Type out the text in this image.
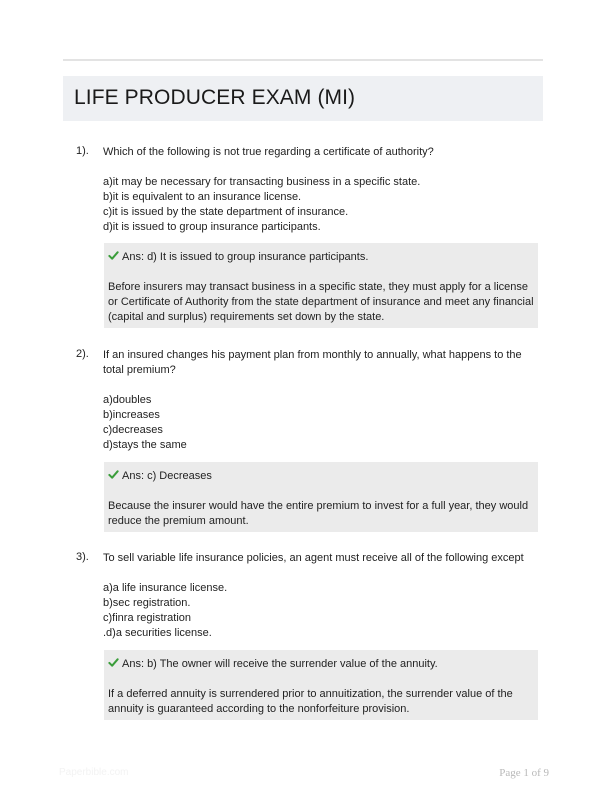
LIFE PRODUCER EXAM (MI)
1). Which of the following is not true regarding a certificate of authority?
a)it may be necessary for transacting business in a specific state.
b)it is equivalent to an insurance license.
c)it is issued by the state department of insurance.
d)it is issued to group insurance participants.
Ans: d) It is issued to group insurance participants.
Before insurers may transact business in a specific state, they must apply for a license or Certificate of Authority from the state department of insurance and meet any financial (capital and surplus) requirements set down by the state.
2). If an insured changes his payment plan from monthly to annually, what happens to the total premium?
a)doubles
b)increases
c)decreases
d)stays the same
Ans: c) Decreases
Because the insurer would have the entire premium to invest for a full year, they would reduce the premium amount.
3). To sell variable life insurance policies, an agent must receive all of the following except
a)a life insurance license.
b)sec registration.
c)finra registration
.d)a securities license.
Ans: b) The owner will receive the surrender value of the annuity.
If a deferred annuity is surrendered prior to annuitization, the surrender value of the annuity is guaranteed according to the nonforfeiture provision.
Paperbible.com	Page 1 of 9
